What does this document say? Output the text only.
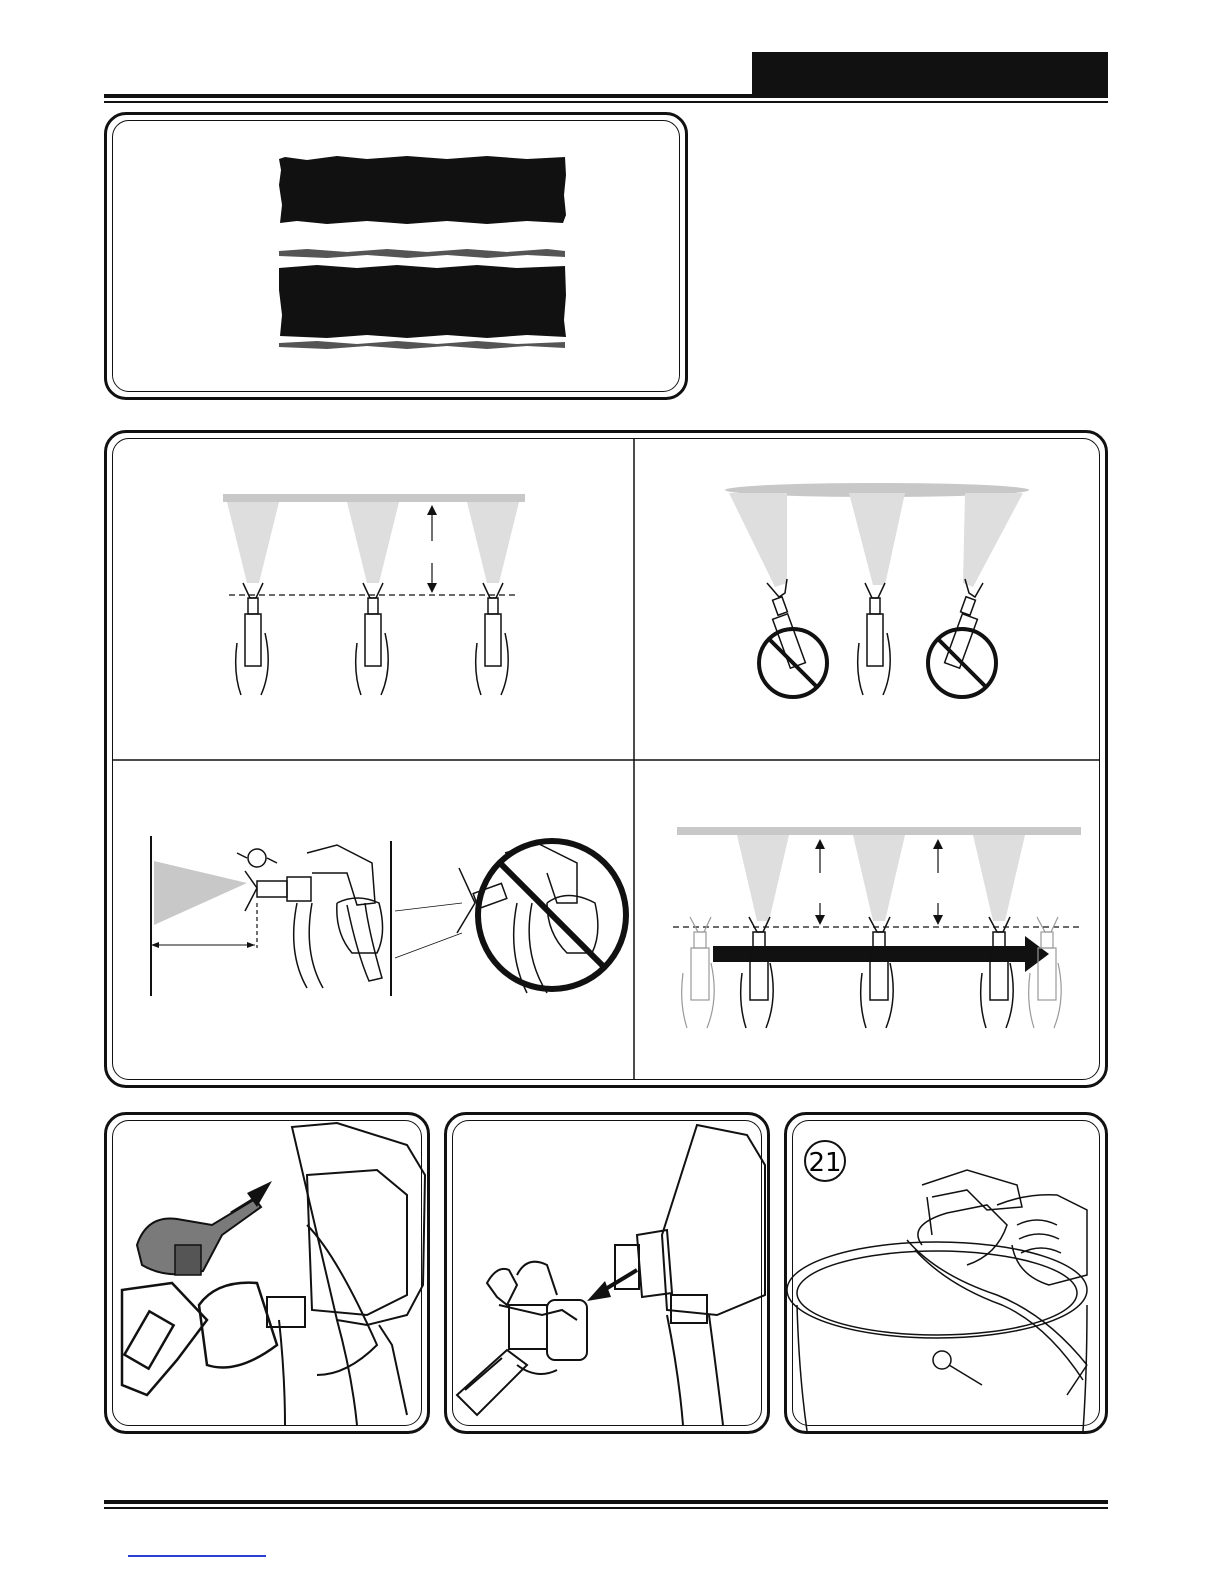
21
